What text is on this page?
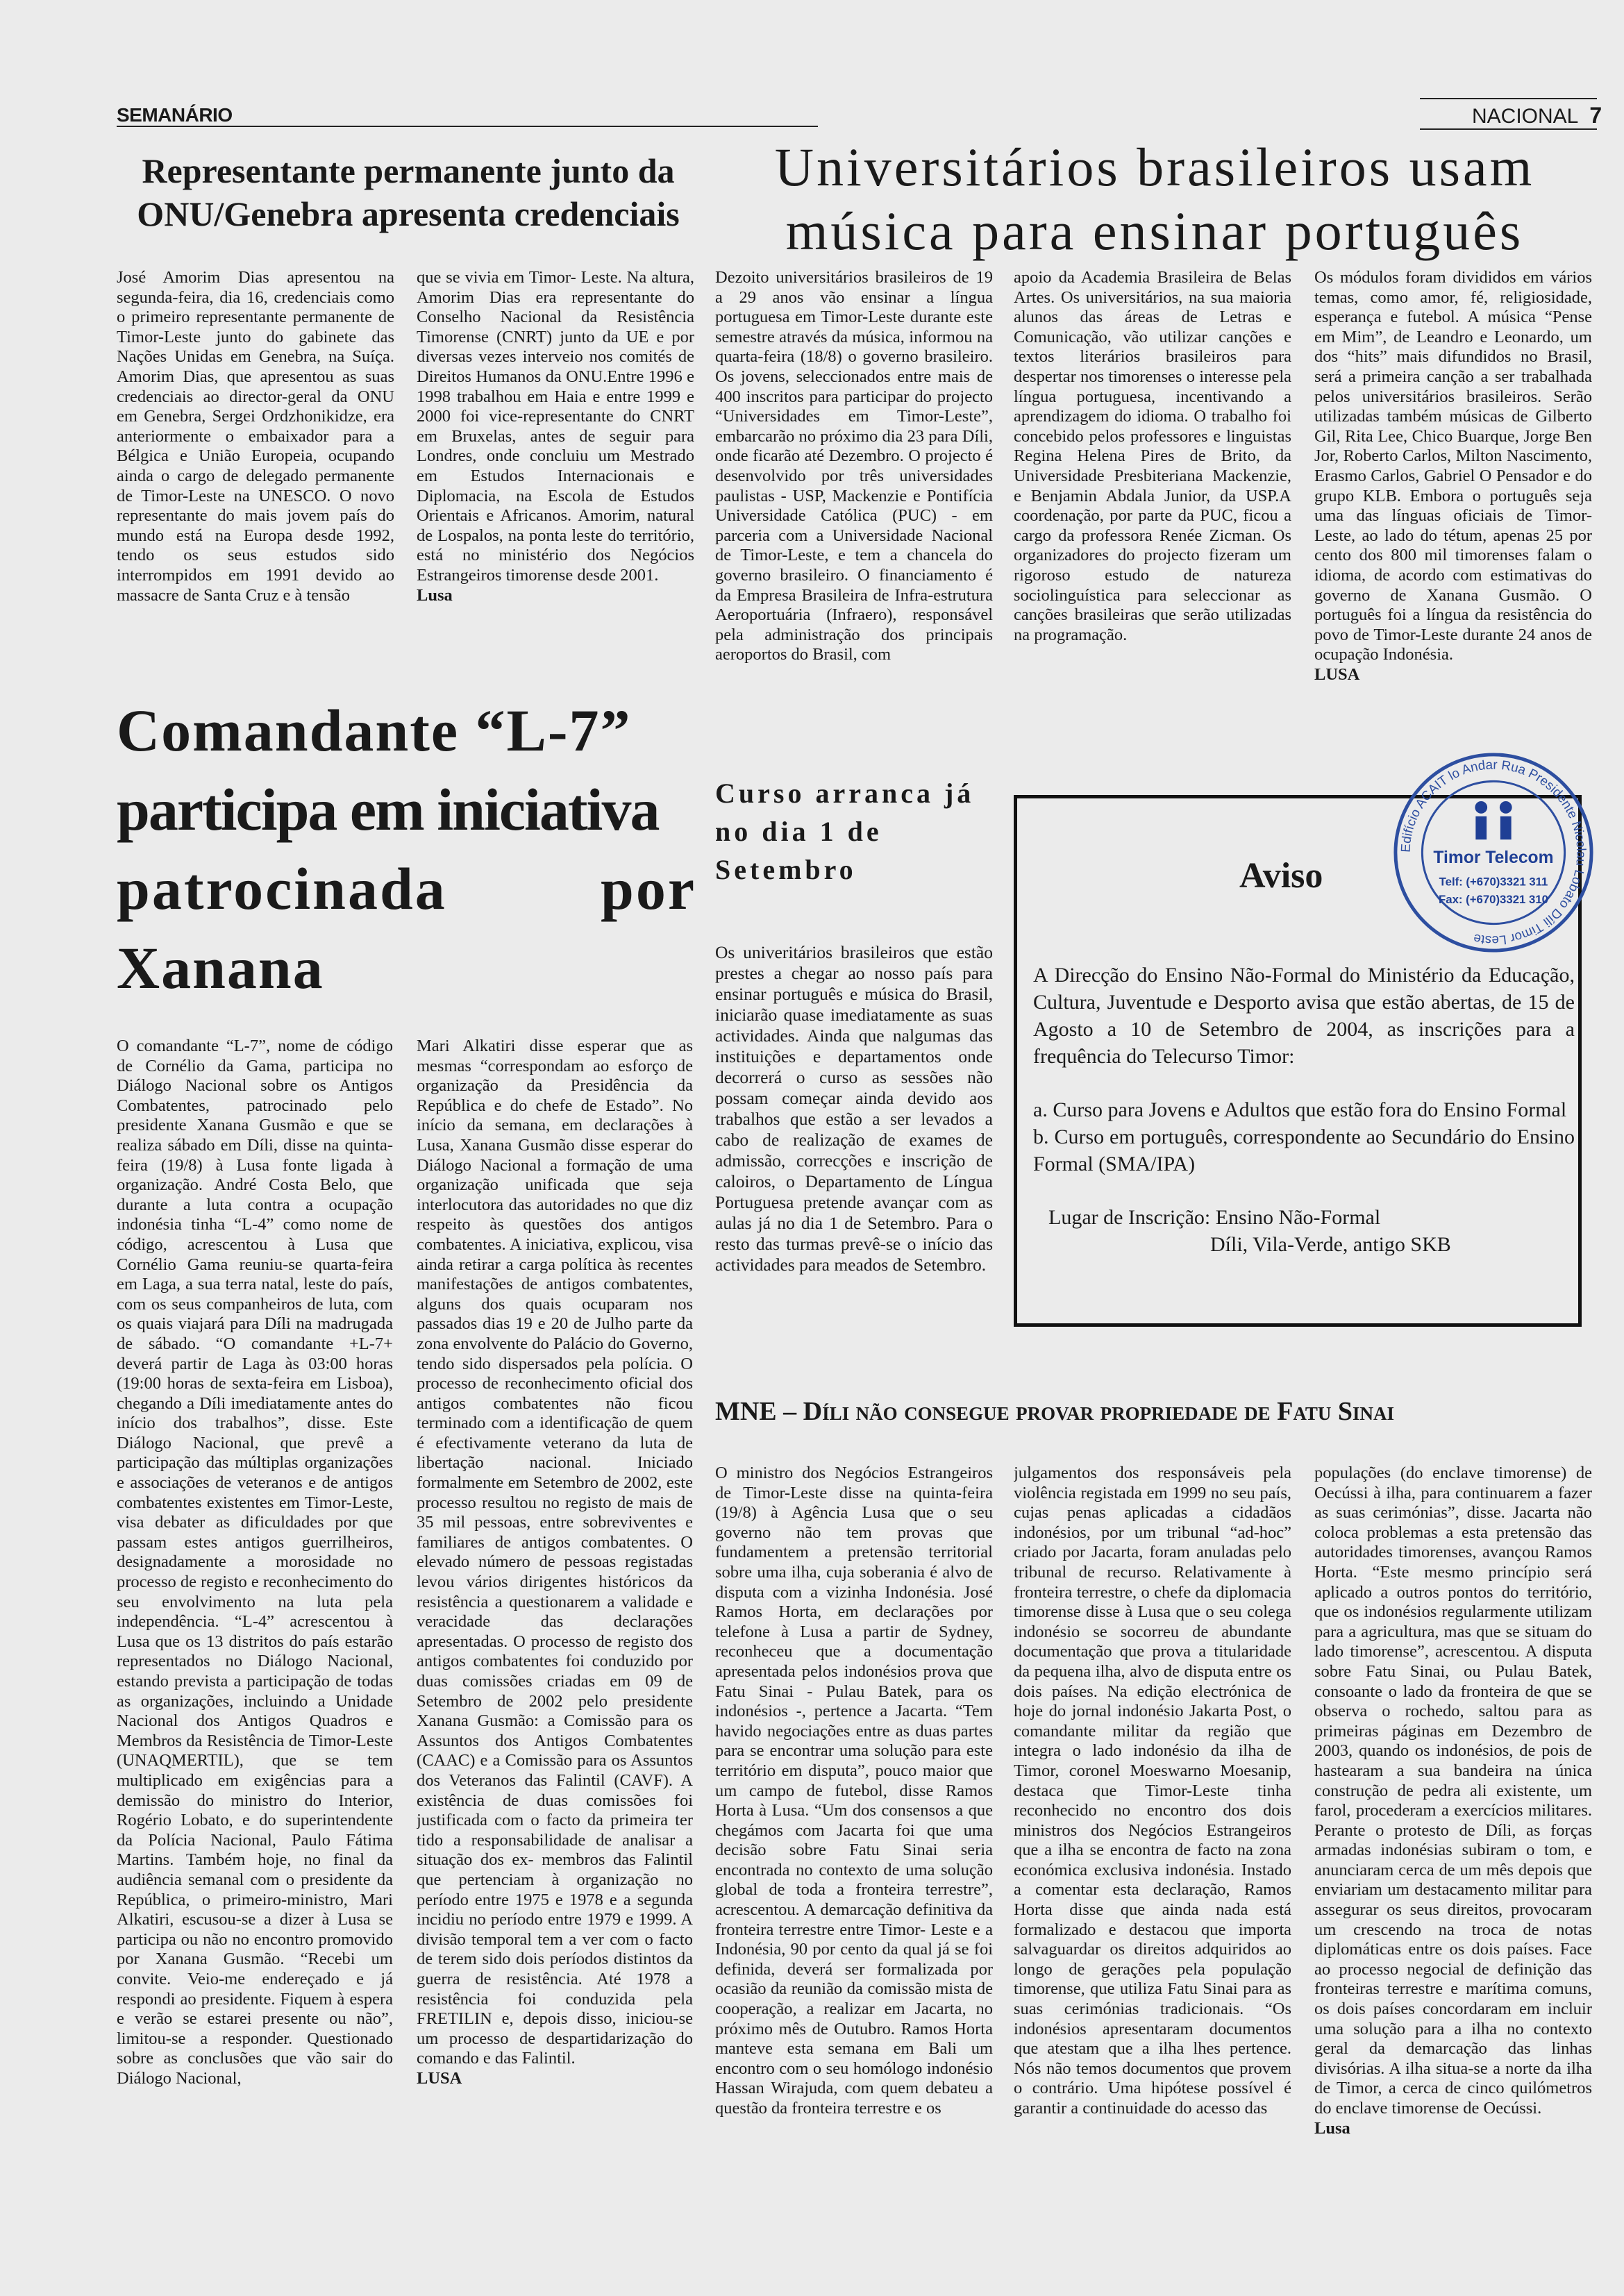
SEMANÁRIO	NACIONAL 7
Representante permanente junto da ONU/Genebra apresenta credenciais

José Amorim Dias apresentou na segunda-feira, dia 16, credenciais como o primeiro representante permanente de Timor-Leste junto do gabinete das Nações Unidas em Genebra, na Suíça. Amorim Dias, que apresentou as suas credenciais ao director-geral da ONU em Genebra, Sergei Ordzhonikidze, era anteriormente o embaixador para a Bélgica e União Europeia, ocupando ainda o cargo de delegado permanente de Timor-Leste na UNESCO. O novo representante do mais jovem país do mundo está na Europa desde 1992, tendo os seus estudos sido interrompidos em 1991 devido ao massacre de Santa Cruz e à tensão

que se vivia em Timor- Leste. Na altura, Amorim Dias era representante do Conselho Nacional da Resistência Timorense (CNRT) junto da UE e por diversas vezes interveio nos comités de Direitos Humanos da ONU.Entre 1996 e 1998 trabalhou em Haia e entre 1999 e 2000 foi vice-representante do CNRT em Bruxelas, antes de seguir para Londres, onde concluiu um Mestrado em Estudos Internacionais e Diplomacia, na Escola de Estudos Orientais e Africanos. Amorim, natural de Lospalos, na ponta leste do território, está no ministério dos Negócios Estrangeiros timorense desde 2001.

Lusa

Universitários brasileiros usam música para ensinar português

Dezoito universitários brasileiros de 19 a 29 anos vão ensinar a língua portuguesa em Timor-Leste durante este semestre através da música, informou na quarta-feira (18/8) o governo brasileiro. Os jovens, seleccionados entre mais de 400 inscritos para participar do projecto “Universidades em Timor-Leste”, embarcarão no próximo dia 23 para Díli, onde ficarão até Dezembro. O projecto é desenvolvido por três universidades paulistas - USP, Mackenzie e Pontifícia Universidade Católica (PUC) - em parceria com a Universidade Nacional de Timor-Leste, e tem a chancela do governo brasileiro. O financiamento é da Empresa Brasileira de Infra-estrutura Aeroportuária (Infraero), responsável pela administração dos principais aeroportos do Brasil, com

apoio da Academia Brasileira de Belas Artes. Os universitários, na sua maioria alunos das áreas de Letras e Comunicação, vão utilizar canções e textos literários brasileiros para despertar nos timorenses o interesse pela língua portuguesa, incentivando a aprendizagem do idioma. O trabalho foi concebido pelos professores e linguistas Regina Helena Pires de Brito, da Universidade Presbiteriana Mackenzie, e Benjamin Abdala Junior, da USP.A coordenação, por parte da PUC, ficou a cargo da professora Renée Zicman. Os organizadores do projecto fizeram um rigoroso estudo de natureza sociolinguística para seleccionar as canções brasileiras que serão utilizadas na programação.

Os módulos foram divididos em vários temas, como amor, fé, religiosidade, esperança e futebol. A música “Pense em Mim”, de Leandro e Leonardo, um dos “hits” mais difundidos no Brasil, será a primeira canção a ser trabalhada pelos universitários brasileiros. Serão utilizadas também músicas de Gilberto Gil, Rita Lee, Chico Buarque, Jorge Ben Jor, Roberto Carlos, Milton Nascimento, Erasmo Carlos, Gabriel O Pensador e do grupo KLB. Embora o português seja uma das línguas oficiais de Timor- Leste, ao lado do tétum, apenas 25 por cento dos 800 mil timorenses falam o idioma, de acordo com estimativas do governo de Xanana Gusmão. O português foi a língua da resistência do povo de Timor-Leste durante 24 anos de ocupação Indonésia.

LUSA

Comandante “L-7”
participa em iniciativa
patrocinada	por
Xanana

O comandante “L-7”, nome de código de Cornélio da Gama, participa no Diálogo Nacional sobre os Antigos Combatentes, patrocinado pelo presidente Xanana Gusmão e que se realiza sábado em Díli, disse na quinta-feira (19/8) à Lusa fonte ligada à organização. André Costa Belo, que durante a luta contra a ocupação indonésia tinha “L-4” como nome de código, acrescentou à Lusa que Cornélio Gama reuniu-se quarta-feira em Laga, a sua terra natal, leste do país, com os seus companheiros de luta, com os quais viajará para Díli na madrugada de sábado. “O comandante +L-7+ deverá partir de Laga às 03:00 horas (19:00 horas de sexta-feira em Lisboa), chegando a Díli imediatamente antes do início dos trabalhos”, disse. Este Diálogo Nacional, que prevê a participação das múltiplas organizações e associações de veteranos e de antigos combatentes existentes em Timor-Leste, visa debater as dificuldades por que passam estes antigos guerrilheiros, designadamente a morosidade no processo de registo e reconhecimento do seu envolvimento na luta pela independência. “L-4” acrescentou à Lusa que os 13 distritos do país estarão representados no Diálogo Nacional, estando prevista a participação de todas as organizações, incluindo a Unidade Nacional dos Antigos Quadros e Membros da Resistência de Timor-Leste (UNAQMERTIL), que se tem multiplicado em exigências para a demissão do ministro do Interior, Rogério Lobato, e do superintendente da Polícia Nacional, Paulo Fátima Martins. Também hoje, no final da audiência semanal com o presidente da República, o primeiro-ministro, Mari Alkatiri, escusou-se a dizer à Lusa se participa ou não no encontro promovido por Xanana Gusmão. “Recebi um convite. Veio-me endereçado e já respondi ao presidente. Fiquem à espera e verão se estarei presente ou não”, limitou-se a responder. Questionado sobre as conclusões que vão sair do Diálogo Nacional,

Mari Alkatiri disse esperar que as mesmas “correspondam ao esforço de organização da Presidência da República e do chefe de Estado”. No início da semana, em declarações à Lusa, Xanana Gusmão disse esperar do Diálogo Nacional a formação de uma organização unificada que seja interlocutora das autoridades no que diz respeito às questões dos antigos combatentes. A iniciativa, explicou, visa ainda retirar a carga política às recentes manifestações de antigos combatentes, alguns dos quais ocuparam nos passados dias 19 e 20 de Julho parte da zona envolvente do Palácio do Governo, tendo sido dispersados pela polícia. O processo de reconhecimento oficial dos antigos combatentes não ficou terminado com a identificação de quem é efectivamente veterano da luta de libertação nacional. Iniciado formalmente em Setembro de 2002, este processo resultou no registo de mais de 35 mil pessoas, entre sobreviventes e familiares de antigos combatentes. O elevado número de pessoas registadas levou vários dirigentes históricos da resistência a questionarem a validade e veracidade das declarações apresentadas. O processo de registo dos antigos combatentes foi conduzido por duas comissões criadas em 09 de Setembro de 2002 pelo presidente Xanana Gusmão: a Comissão para os Assuntos dos Antigos Combatentes (CAAC) e a Comissão para os Assuntos dos Veteranos das Falintil (CAVF). A existência de duas comissões foi justificada com o facto da primeira ter tido a responsabilidade de analisar a situação dos ex- membros das Falintil que pertenciam à organização no período entre 1975 e 1978 e a segunda incidiu no período entre 1979 e 1999. A divisão temporal tem a ver com o facto de terem sido dois períodos distintos da guerra de resistência. Até 1978 a resistência foi conduzida pela FRETILIN e, depois disso, iniciou-se um processo de despartidarização do comando e das Falintil.

LUSA

Curso arranca já no dia 1 de Setembro

Os univeritários brasileiros que estão prestes a chegar ao nosso país para ensinar português e música do Brasil, iniciarão quase imediatamente as suas actividades. Ainda que nalgumas das instituições e departamentos onde decorrerá o curso as sessões não possam começar ainda devido aos trabalhos que estão a ser levados a cabo de realização de exames de admissão, correcções e inscrição de caloiros, o Departamento de Língua Portuguesa pretende avançar com as aulas já no dia 1 de Setembro. Para o resto das turmas prevê-se o início das actividades para meados de Setembro.

Aviso

A Direcção do Ensino Não-Formal do Ministério da Educação, Cultura, Juventude e Desporto avisa que estão abertas, de 15 de Agosto a 10 de Setembro de 2004, as inscrições para a frequência do Telecurso Timor:

a. Curso para Jovens e Adultos que estão fora do Ensino Formal

b. Curso em português, correspondente ao Secundário do Ensino Formal (SMA/IPA)

Lugar de Inscrição: Ensino Não-Formal

Díli, Vila-Verde, antigo SKB

Edifício ACAIT lo Andar Rua Presidente Nicolau Lobato Díli Timor Leste
Timor Telecom
Telf: (+670)3321 311
Fax: (+670)3321 310
MNE – Díli não consegue provar propriedade de Fatu Sinai

O ministro dos Negócios Estrangeiros de Timor-Leste disse na quinta-feira (19/8) à Agência Lusa que o seu governo não tem provas que fundamentem a pretensão territorial sobre uma ilha, cuja soberania é alvo de disputa com a vizinha Indonésia. José Ramos Horta, em declarações por telefone à Lusa a partir de Sydney, reconheceu que a documentação apresentada pelos indonésios prova que Fatu Sinai - Pulau Batek, para os indonésios -, pertence a Jacarta. “Tem havido negociações entre as duas partes para se encontrar uma solução para este território em disputa”, pouco maior que um campo de futebol, disse Ramos Horta à Lusa. “Um dos consensos a que chegámos com Jacarta foi que uma decisão sobre Fatu Sinai seria encontrada no contexto de uma solução global de toda a fronteira terrestre”, acrescentou. A demarcação definitiva da fronteira terrestre entre Timor- Leste e a Indonésia, 90 por cento da qual já se foi definida, deverá ser formalizada por ocasião da reunião da comissão mista de cooperação, a realizar em Jacarta, no próximo mês de Outubro. Ramos Horta manteve esta semana em Bali um encontro com o seu homólogo indonésio Hassan Wirajuda, com quem debateu a questão da fronteira terrestre e os

julgamentos dos responsáveis pela violência registada em 1999 no seu país, cujas penas aplicadas a cidadãos indonésios, por um tribunal “ad-hoc” criado por Jacarta, foram anuladas pelo tribunal de recurso. Relativamente à fronteira terrestre, o chefe da diplomacia timorense disse à Lusa que o seu colega indonésio se socorreu de abundante documentação que prova a titularidade da pequena ilha, alvo de disputa entre os dois países. Na edição electrónica de hoje do jornal indonésio Jakarta Post, o comandante militar da região que integra o lado indonésio da ilha de Timor, coronel Moeswarno Moesanip, destaca que Timor-Leste tinha reconhecido no encontro dos dois ministros dos Negócios Estrangeiros que a ilha se encontra de facto na zona económica exclusiva indonésia. Instado a comentar esta declaração, Ramos Horta disse que ainda nada está formalizado e destacou que importa salvaguardar os direitos adquiridos ao longo de gerações pela população timorense, que utiliza Fatu Sinai para as suas cerimónias tradicionais. “Os indonésios apresentaram documentos que atestam que a ilha lhes pertence. Nós não temos documentos que provem o contrário. Uma hipótese possível é garantir a continuidade do acesso das

populações (do enclave timorense) de Oecússi à ilha, para continuarem a fazer as suas cerimónias”, disse. Jacarta não coloca problemas a esta pretensão das autoridades timorenses, avançou Ramos Horta. “Este mesmo princípio será aplicado a outros pontos do território, que os indonésios regularmente utilizam para a agricultura, mas que se situam do lado timorense”, acrescentou. A disputa sobre Fatu Sinai, ou Pulau Batek, consoante o lado da fronteira de que se observa o rochedo, saltou para as primeiras páginas em Dezembro de 2003, quando os indonésios, de pois de hastearam a sua bandeira na única construção de pedra ali existente, um farol, procederam a exercícios militares. Perante o protesto de Díli, as forças armadas indonésias subiram o tom, e anunciaram cerca de um mês depois que enviariam um destacamento militar para assegurar os seus direitos, provocaram um crescendo na troca de notas diplomáticas entre os dois países. Face ao processo negocial de definição das fronteiras terrestre e marítima comuns, os dois países concordaram em incluir uma solução para a ilha no contexto geral da demarcação das linhas divisórias. A ilha situa-se a norte da ilha de Timor, a cerca de cinco quilómetros do enclave timorense de Oecússi.

Lusa
